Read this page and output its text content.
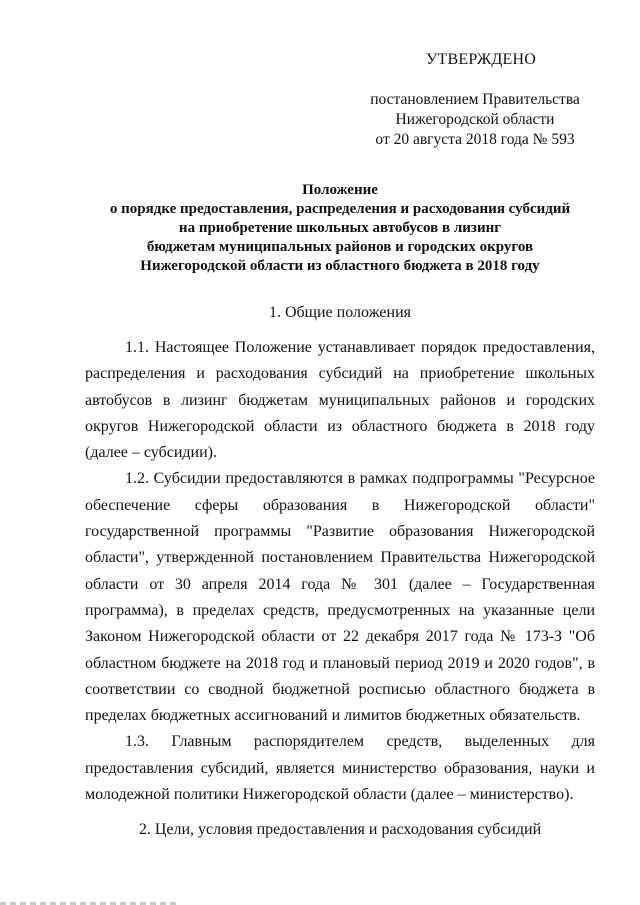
УТВЕРЖДЕНО
постановлением Правительства
Нижегородской области
от 20 августа 2018 года № 593
Положение
о порядке предоставления, распределения и расходования субсидий
на приобретение школьных автобусов в лизинг
бюджетам муниципальных районов и городских округов
Нижегородской области из областного бюджета в 2018 году
1. Общие положения

1.1. Настоящее Положение устанавливает порядок предоставления, распределения и расходования субсидий на приобретение школьных автобусов в лизинг бюджетам муниципальных районов и городских округов Нижегородской области из областного бюджета в 2018 году (далее – субсидии).

1.2. Субсидии предоставляются в рамках подпрограммы "Ресурсное обеспечение сферы образования в Нижегородской области" государственной программы "Развитие образования Нижегородской области", утвержденной постановлением Правительства Нижегородской области от 30 апреля 2014 года № 301 (далее – Государственная программа), в пределах средств, предусмотренных на указанные цели Законом Нижегородской области от 22 декабря 2017 года № 173-З "Об областном бюджете на 2018 год и плановый период 2019 и 2020 годов", в соответствии со сводной бюджетной росписью областного бюджета в пределах бюджетных ассигнований и лимитов бюджетных обязательств.

1.3. Главным распорядителем средств, выделенных для предоставления субсидий, является министерство образования, науки и молодежной политики Нижегородской области (далее – министерство).

2. Цели, условия предоставления и расходования субсидий
